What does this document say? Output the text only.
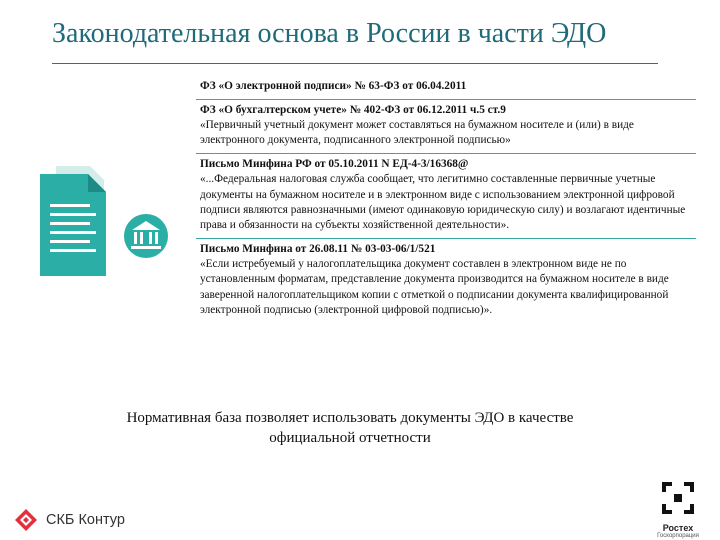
Законодательная основа в России в части ЭДО
ФЗ «О электронной подписи» № 63-ФЗ от 06.04.2011
ФЗ «О бухгалтерском учете» № 402-ФЗ от 06.12.2011 ч.5 ст.9
«Первичный учетный документ может составляться на бумажном носителе и (или) в виде электронного документа, подписанного электронной подписью»
Письмо Минфина РФ от 05.10.2011 N ЕД-4-3/16368@
«...Федеральная налоговая служба сообщает, что легитимно составленные первичные учетные документы на бумажном носителе и в электронном виде с использованием электронной цифровой подписи являются равнозначными (имеют одинаковую юридическую силу) и возлагают идентичные права и обязанности на субъекты хозяйственной деятельности».
Письмо Минфина от 26.08.11 № 03-03-06/1/521
«Если истребуемый у налогоплательщика документ составлен в электронном виде не по установленным форматам, представление документа производится на бумажном носителе в виде заверенной налогоплательщиком копии с отметкой о подписании документа квалифицированной электронной подписью (электронной цифровой подписью)».
Нормативная база позволяет использовать документы ЭДО в качестве
официальной отчетности
СКБ Контур	Ростех
Госкорпорация
